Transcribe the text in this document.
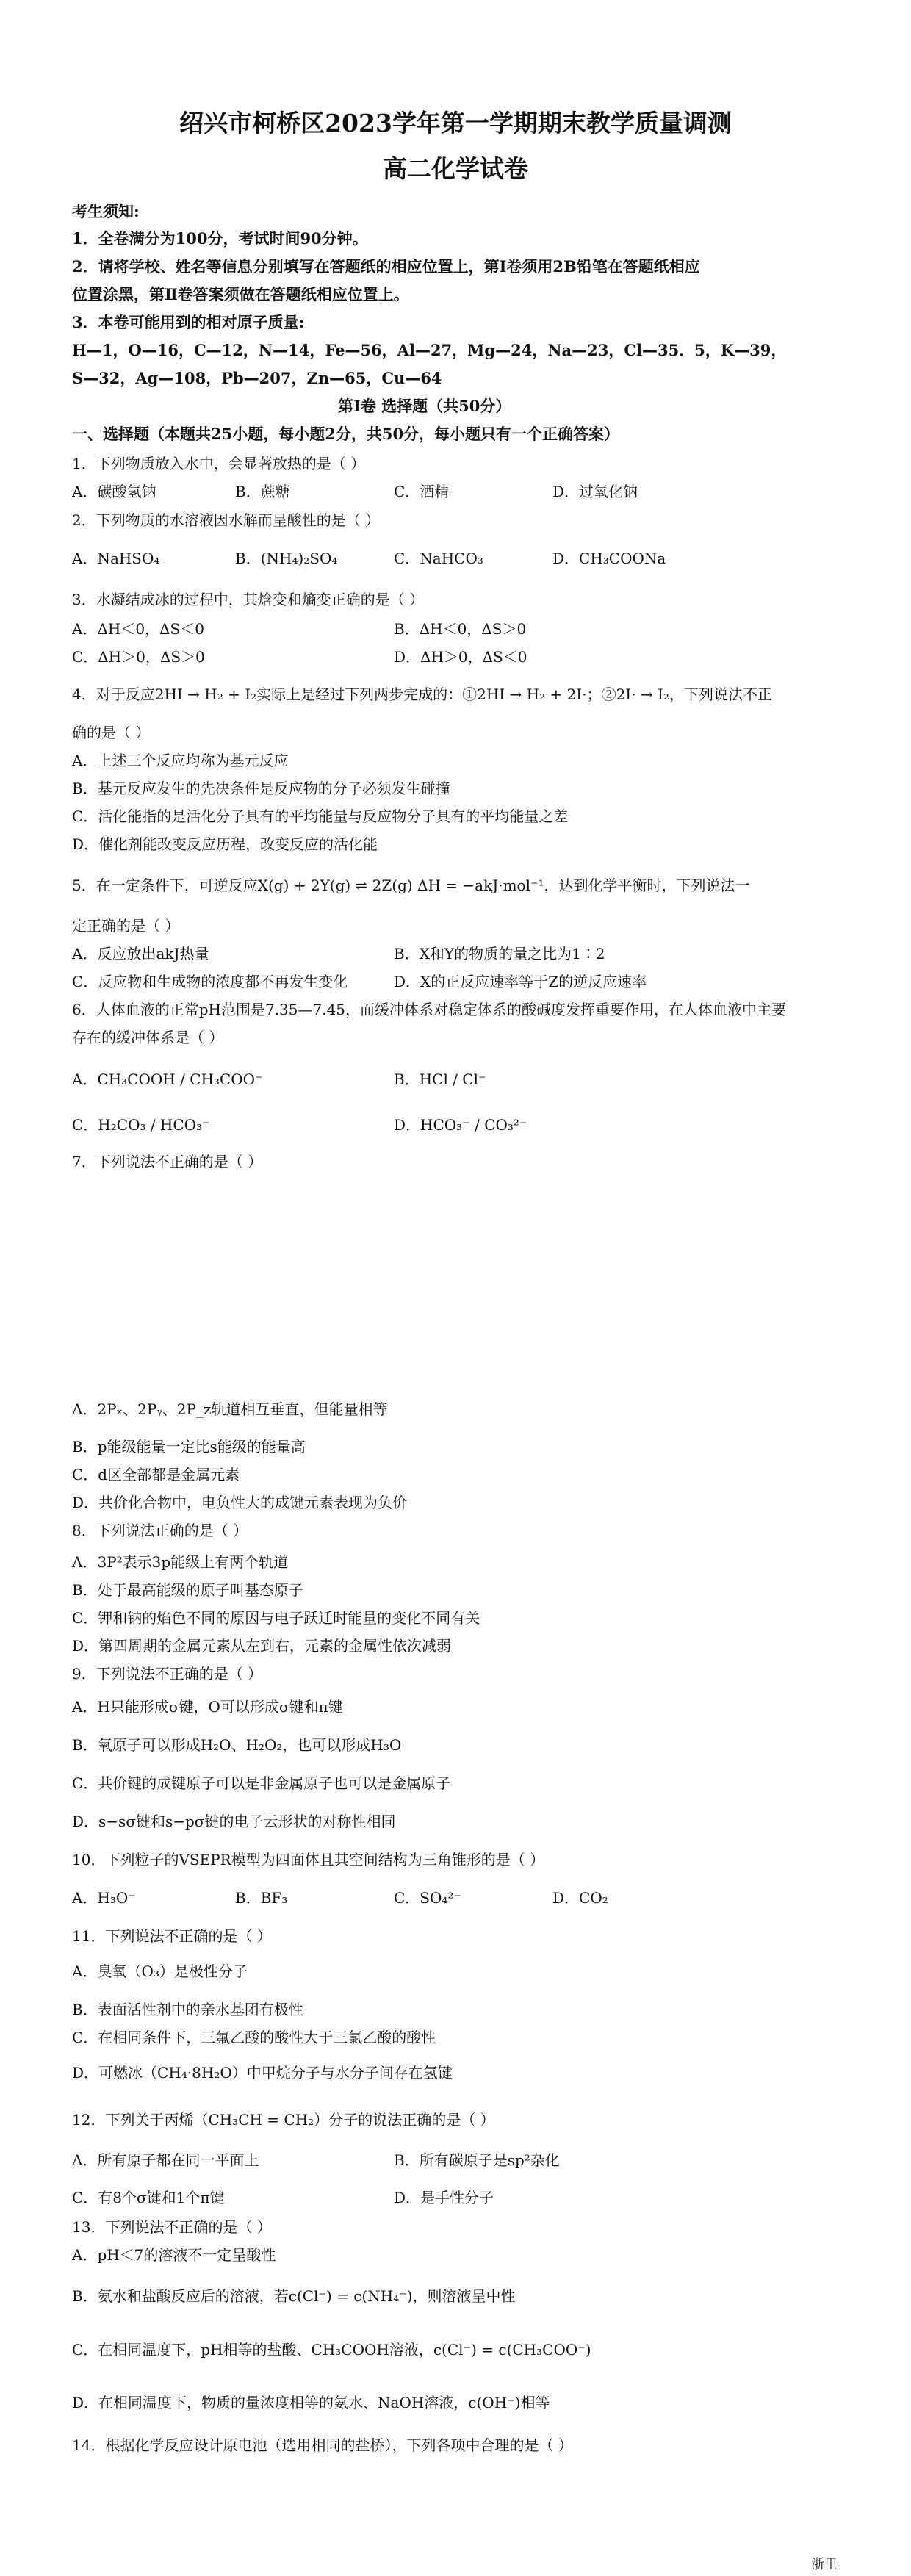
绍兴市柯桥区2023学年第一学期期末教学质量调测
高二化学试卷
考生须知:
1．全卷满分为100分，考试时间90分钟。
2．请将学校、姓名等信息分别填写在答题纸的相应位置上，第Ⅰ卷须用2B铅笔在答题纸相应
位置涂黑，第Ⅱ卷答案须做在答题纸相应位置上。
3．本卷可能用到的相对原子质量:
H—1，O—16，C—12，N—14，Fe—56，Al—27，Mg—24，Na—23，Cl—35．5，K—39，
S—32，Ag—108，Pb—207，Zn—65，Cu—64
第Ⅰ卷 选择题（共50分）
一、选择题（本题共25小题，每小题2分，共50分，每小题只有一个正确答案）
1．下列物质放入水中，会显著放热的是（ ）
A．碳酸氢钠	B．蔗糖	C．酒精	D．过氧化钠
2．下列物质的水溶液因水解而呈酸性的是（ ）
A．NaHSO₄	B．(NH₄)₂SO₄	C．NaHCO₃	D．CH₃COONa
3．水凝结成冰的过程中，其焓变和熵变正确的是（ ）
A．ΔH＜0，ΔS＜0	B．ΔH＜0，ΔS＞0
C．ΔH＞0，ΔS＞0	D．ΔH＞0，ΔS＜0
4．对于反应2HI → H₂ + I₂实际上是经过下列两步完成的：①2HI → H₂ + 2I·；②2I· → I₂，下列说法不正
确的是（ ）
A．上述三个反应均称为基元反应
B．基元反应发生的先决条件是反应物的分子必须发生碰撞
C．活化能指的是活化分子具有的平均能量与反应物分子具有的平均能量之差
D．催化剂能改变反应历程，改变反应的活化能
5．在一定条件下，可逆反应X(g) + 2Y(g) ⇌ 2Z(g) ΔH = −akJ·mol⁻¹，达到化学平衡时，下列说法一
定正确的是（ ）
A．反应放出akJ热量	B．X和Y的物质的量之比为1∶2
C．反应物和生成物的浓度都不再发生变化	D．X的正反应速率等于Z的逆反应速率
6．人体血液的正常pH范围是7.35—7.45，而缓冲体系对稳定体系的酸碱度发挥重要作用，在人体血液中主要
存在的缓冲体系是（ ）
A．CH₃COOH / CH₃COO⁻	B．HCl / Cl⁻
C．H₂CO₃ / HCO₃⁻	D．HCO₃⁻ / CO₃²⁻
7．下列说法不正确的是（ ）
A．2Pₓ、2Pᵧ、2P_z轨道相互垂直，但能量相等
B．p能级能量一定比s能级的能量高
C．d区全部都是金属元素
D．共价化合物中，电负性大的成键元素表现为负价
8．下列说法正确的是（ ）
A．3P²表示3p能级上有两个轨道
B．处于最高能级的原子叫基态原子
C．钾和钠的焰色不同的原因与电子跃迁时能量的变化不同有关
D．第四周期的金属元素从左到右，元素的金属性依次减弱
9．下列说法不正确的是（ ）
A．H只能形成σ键，O可以形成σ键和π键
B．氧原子可以形成H₂O、H₂O₂，也可以形成H₃O
C．共价键的成键原子可以是非金属原子也可以是金属原子
D．s−sσ键和s−pσ键的电子云形状的对称性相同
10．下列粒子的VSEPR模型为四面体且其空间结构为三角锥形的是（ ）
A．H₃O⁺	B．BF₃	C．SO₄²⁻	D．CO₂
11．下列说法不正确的是（ ）
A．臭氧（O₃）是极性分子
B．表面活性剂中的亲水基团有极性
C．在相同条件下，三氟乙酸的酸性大于三氯乙酸的酸性
D．可燃冰（CH₄·8H₂O）中甲烷分子与水分子间存在氢键
12．下列关于丙烯（CH₃CH = CH₂）分子的说法正确的是（ ）
A．所有原子都在同一平面上	B．所有碳原子是sp²杂化
C．有8个σ键和1个π键	D．是手性分子
13．下列说法不正确的是（ ）
A．pH＜7的溶液不一定呈酸性
B．氨水和盐酸反应后的溶液，若c(Cl⁻) = c(NH₄⁺)，则溶液呈中性
C．在相同温度下，pH相等的盐酸、CH₃COOH溶液，c(Cl⁻) = c(CH₃COO⁻)
D．在相同温度下，物质的量浓度相等的氨水、NaOH溶液，c(OH⁻)相等
14．根据化学反应设计原电池（选用相同的盐桥），下列各项中合理的是（ ）
浙里
